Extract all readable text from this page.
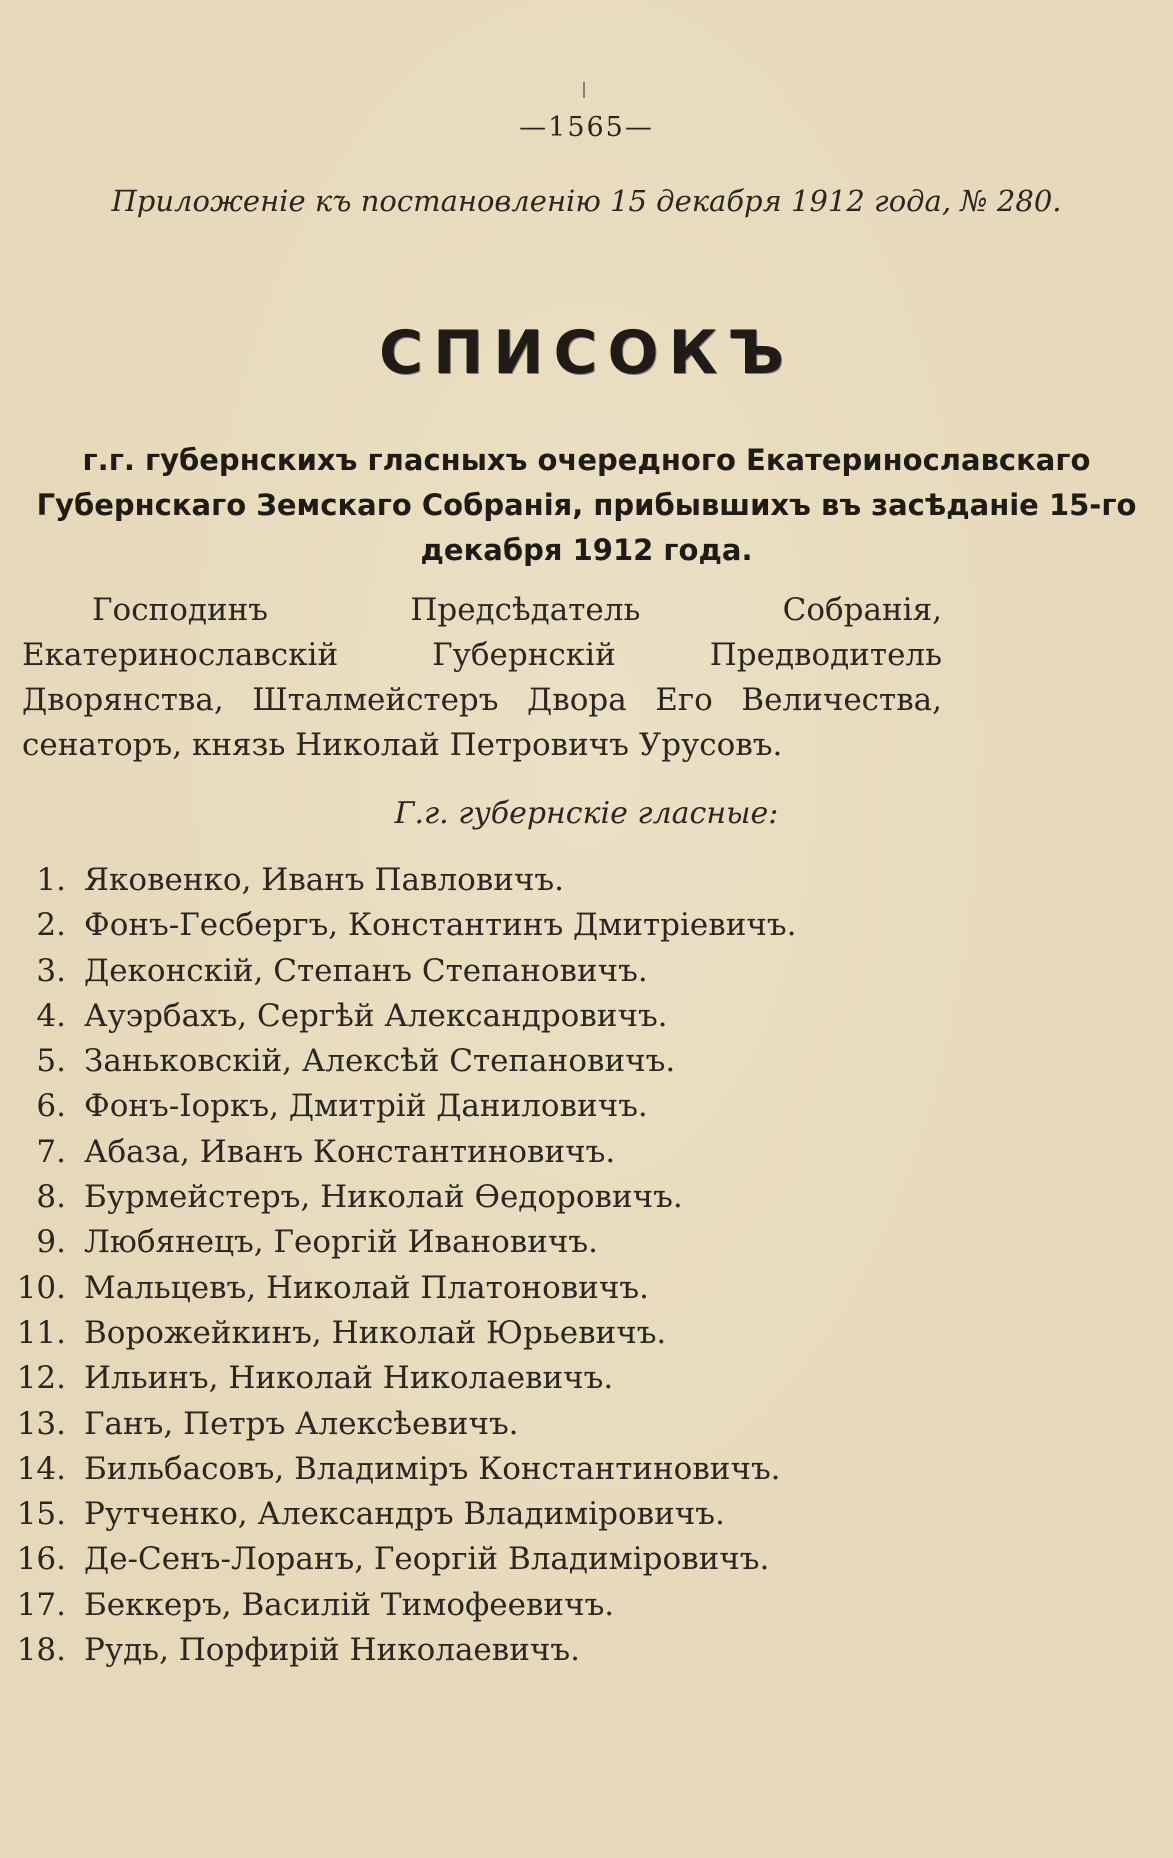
—1565—
Приложеніе къ постановленію 15 декабря 1912 года, № 280.
СПИСОКЪ
г.г. губернскихъ гласныхъ очередного Екатеринославскаго Губернскаго Земскаго Собранія, прибывшихъ въ засѣданіе 15-го декабря 1912 года.
Господинъ Предсѣдатель Собранія, Екатеринославскій Губернскій Предводитель Дворянства, Шталмейстеръ Двора Его Величества, сенаторъ, князь Николай Петровичъ Урусовъ.
Г.г. губернскіе гласные:
1. Яковенко, Иванъ Павловичъ.
2. Фонъ-Гесбергъ, Константинъ Дмитріевичъ.
3. Деконскій, Степанъ Степановичъ.
4. Ауэрбахъ, Сергѣй Александровичъ.
5. Заньковскій, Алексѣй Степановичъ.
6. Фонъ-Іоркъ, Дмитрій Даниловичъ.
7. Абаза, Иванъ Константиновичъ.
8. Бурмейстеръ, Николай Ѳедоровичъ.
9. Любянецъ, Георгій Ивановичъ.
10. Мальцевъ, Николай Платоновичъ.
11. Ворожейкинъ, Николай Юрьевичъ.
12. Ильинъ, Николай Николаевичъ.
13. Ганъ, Петръ Алексѣевичъ.
14. Бильбасовъ, Владиміръ Константиновичъ.
15. Рутченко, Александръ Владиміровичъ.
16. Де-Сенъ-Лоранъ, Георгій Владиміровичъ.
17. Беккеръ, Василій Тимофеевичъ.
18. Рудь, Порфирій Николаевичъ.
